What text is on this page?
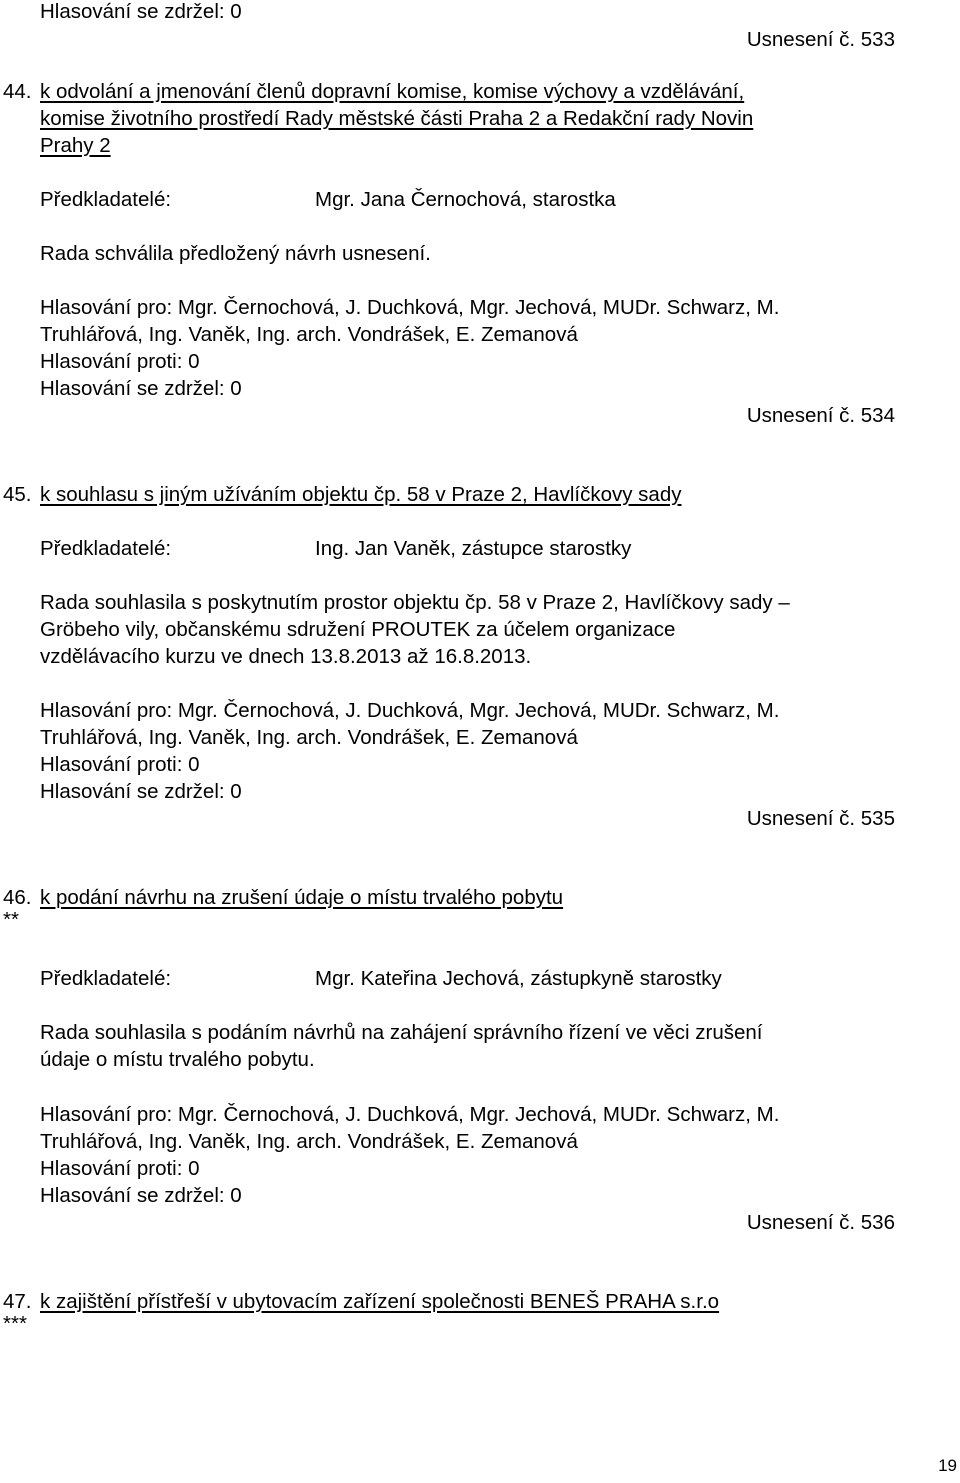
Hlasování se zdržel: 0
Usnesení č. 533
44. k odvolání a jmenování členů dopravní komise, komise výchovy a vzdělávání,
komise životního prostředí Rady městské části Praha 2 a Redakční rady Novin
Prahy 2
Předkladatelé:	Mgr. Jana Černochová, starostka
Rada schválila předložený návrh usnesení.
Hlasování pro: Mgr. Černochová, J. Duchková, Mgr. Jechová, MUDr. Schwarz, M.
Truhlářová, Ing. Vaněk, Ing. arch. Vondrášek, E. Zemanová
Hlasování proti: 0
Hlasování se zdržel: 0
Usnesení č. 534
45. k souhlasu s jiným užíváním objektu čp. 58 v Praze 2, Havlíčkovy sady
Předkladatelé:	Ing. Jan Vaněk, zástupce starostky
Rada souhlasila s poskytnutím prostor objektu čp. 58 v Praze 2, Havlíčkovy sady –
Gröbeho vily, občanskému sdružení PROUTEK za účelem organizace
vzdělávacího kurzu ve dnech 13.8.2013 až 16.8.2013.
Hlasování pro: Mgr. Černochová, J. Duchková, Mgr. Jechová, MUDr. Schwarz, M.
Truhlářová, Ing. Vaněk, Ing. arch. Vondrášek, E. Zemanová
Hlasování proti: 0
Hlasování se zdržel: 0
Usnesení č. 535
46.
**
k podání návrhu na zrušení údaje o místu trvalého pobytu
Předkladatelé:	Mgr. Kateřina Jechová, zástupkyně starostky
Rada souhlasila s podáním návrhů na zahájení správního řízení ve věci zrušení
údaje o místu trvalého pobytu.
Hlasování pro: Mgr. Černochová, J. Duchková, Mgr. Jechová, MUDr. Schwarz, M.
Truhlářová, Ing. Vaněk, Ing. arch. Vondrášek, E. Zemanová
Hlasování proti: 0
Hlasování se zdržel: 0
Usnesení č. 536
47.
***
k zajištění přístřeší v ubytovacím zařízení společnosti BENEŠ PRAHA s.r.o
19
